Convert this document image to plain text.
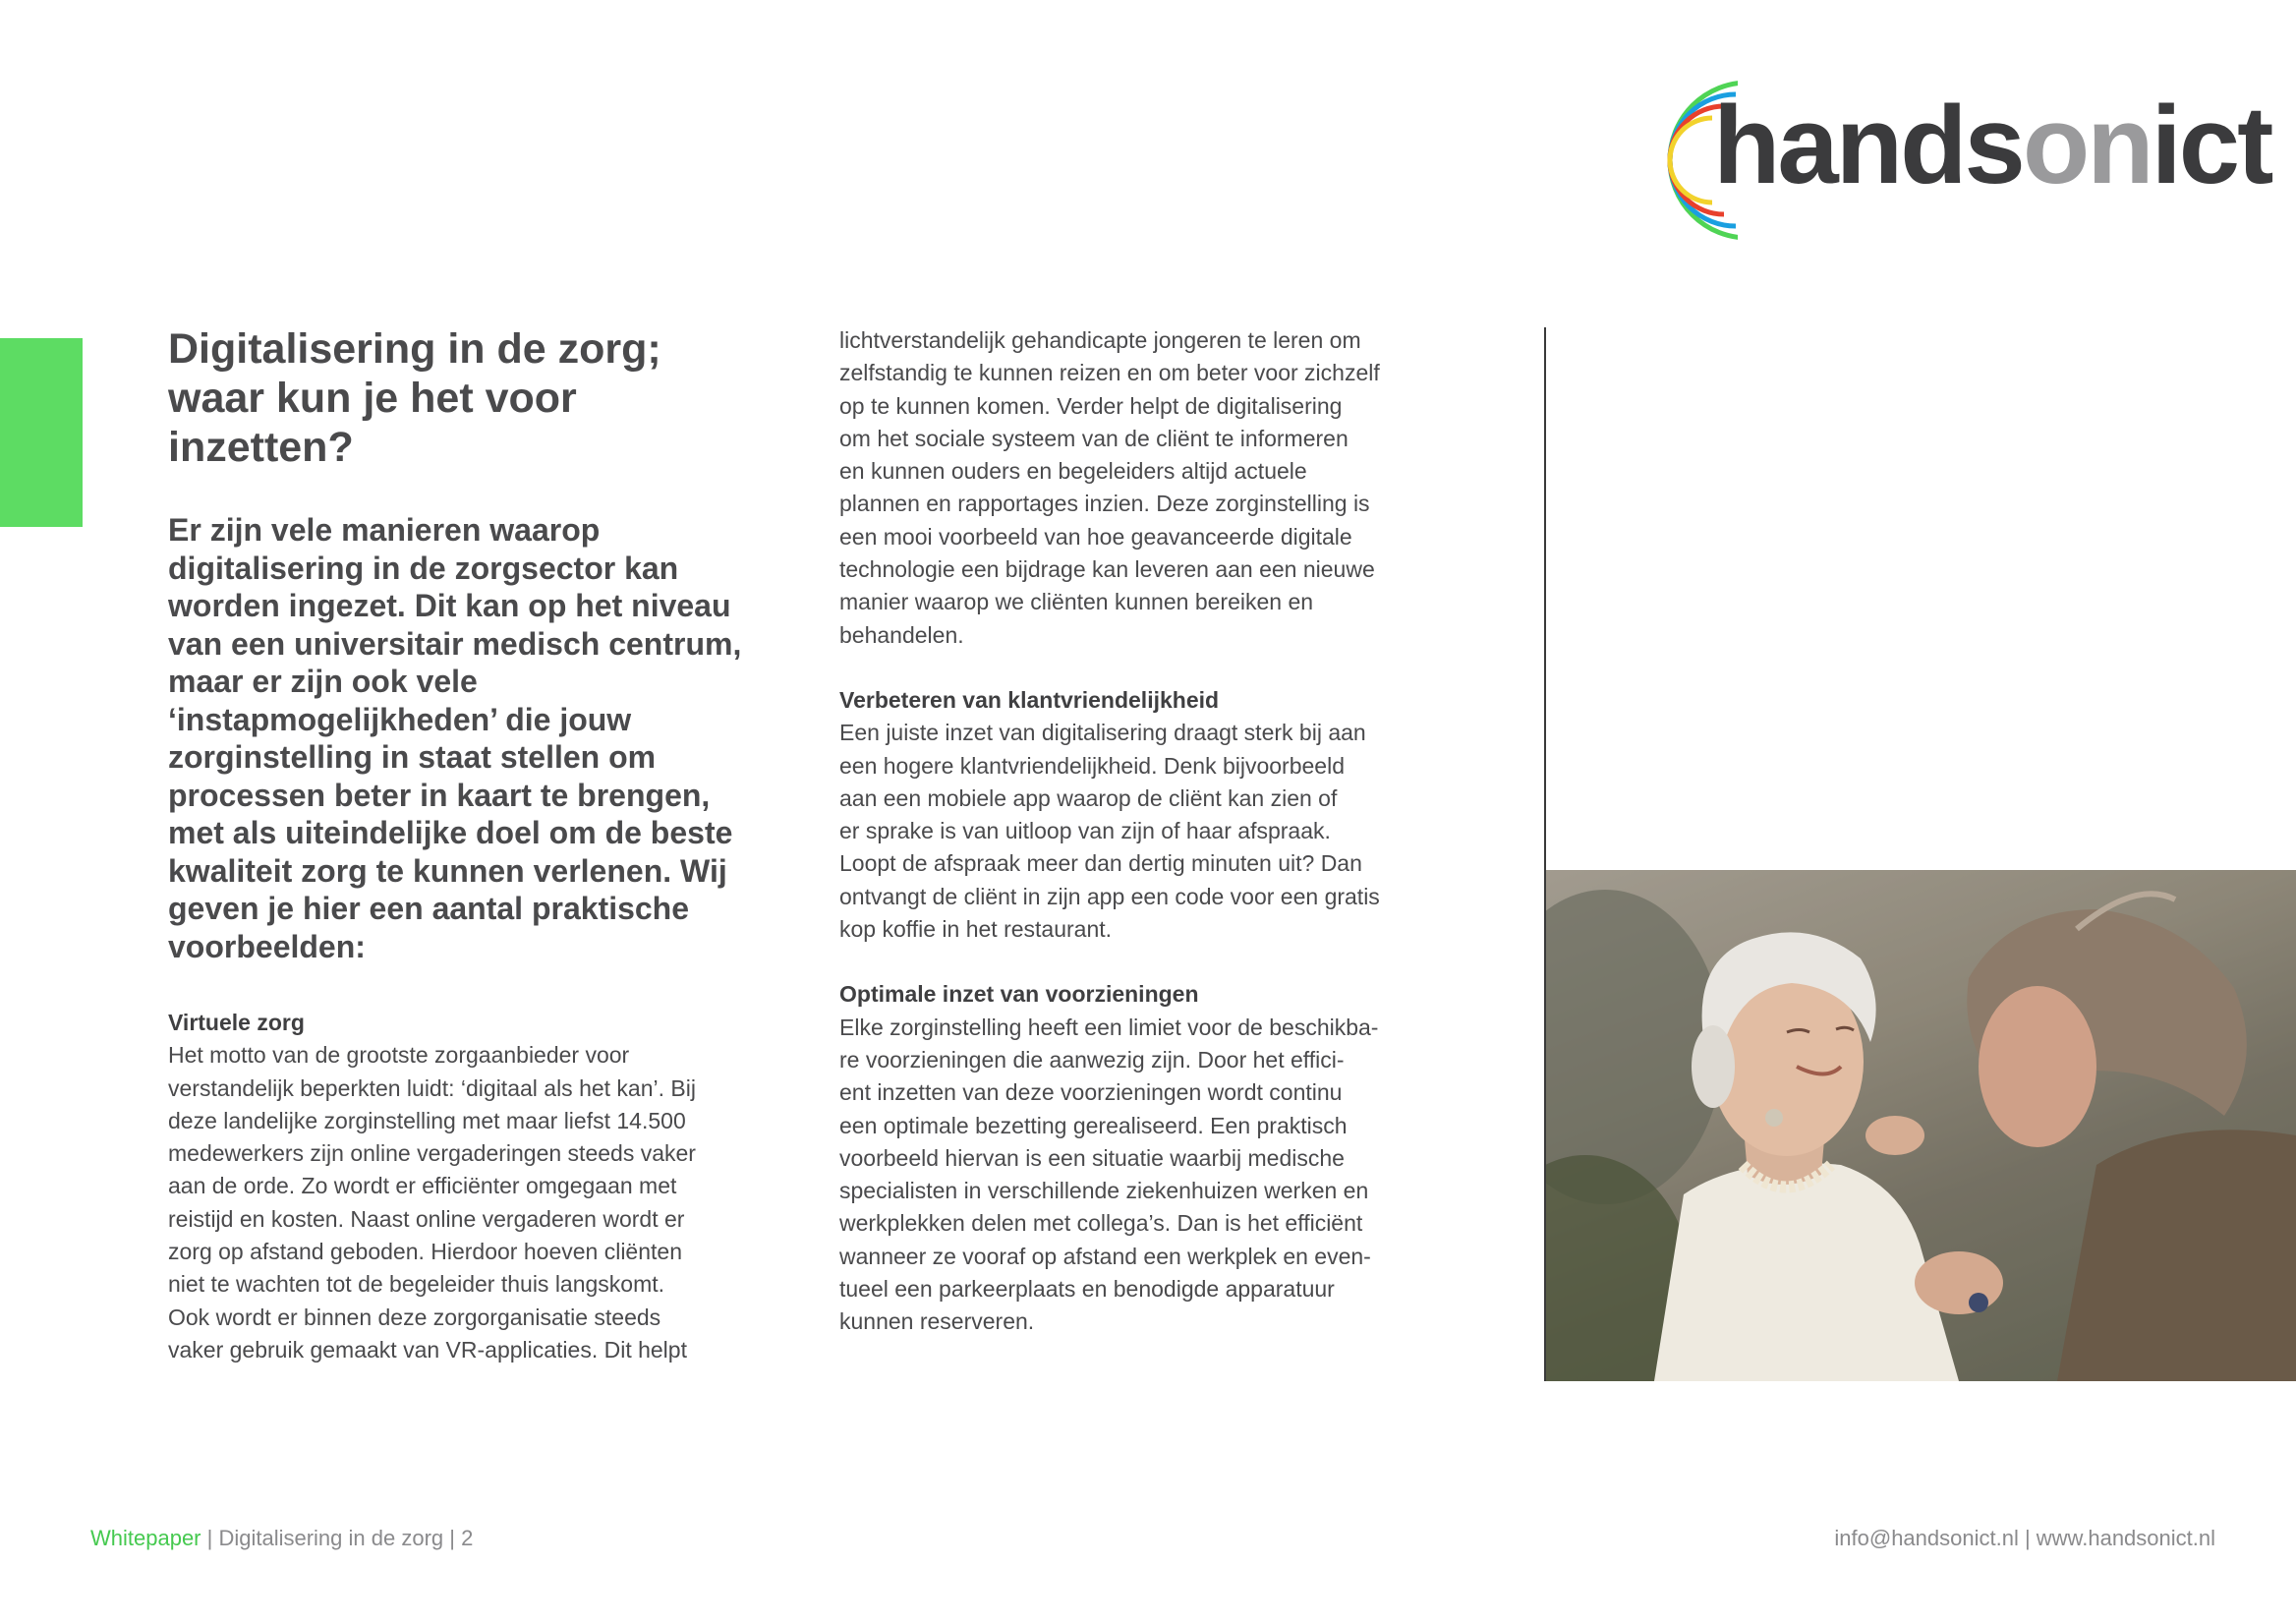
handsonict
Digitalisering in de zorg; waar kun je het voor inzetten?

Er zijn vele manieren waarop digitalisering in de zorgsector kan worden ingezet. Dit kan op het niveau van een universitair medisch centrum, maar er zijn ook vele ‘instapmogelijkheden’ die jouw zorginstelling in staat stellen om processen beter in kaart te brengen, met als uiteindelijke doel om de beste kwaliteit zorg te kunnen verlenen. Wij geven je hier een aantal praktische voorbeelden:

Virtuele zorg

Het motto van de grootste zorgaanbieder voor
verstandelijk beperkten luidt: ‘digitaal als het kan’. Bij
deze landelijke zorginstelling met maar liefst 14.500
medewerkers zijn online vergaderingen steeds vaker
aan de orde. Zo wordt er efficiënter omgegaan met
reistijd en kosten. Naast online vergaderen wordt er
zorg op afstand geboden. Hierdoor hoeven cliënten
niet te wachten tot de begeleider thuis langskomt.
Ook wordt er binnen deze zorgorganisatie steeds
vaker gebruik gemaakt van VR-applicaties. Dit helpt

lichtverstandelijk gehandicapte jongeren te leren om
zelfstandig te kunnen reizen en om beter voor zichzelf
op te kunnen komen. Verder helpt de digitalisering
om het sociale systeem van de cliënt te informeren
en kunnen ouders en begeleiders altijd actuele
plannen en rapportages inzien. Deze zorginstelling is
een mooi voorbeeld van hoe geavanceerde digitale
technologie een bijdrage kan leveren aan een nieuwe
manier waarop we cliënten kunnen bereiken en
behandelen.

Verbeteren van klantvriendelijkheid

Een juiste inzet van digitalisering draagt sterk bij aan
een hogere klantvriendelijkheid. Denk bijvoorbeeld
aan een mobiele app waarop de cliënt kan zien of
er sprake is van uitloop van zijn of haar afspraak.
Loopt de afspraak meer dan dertig minuten uit? Dan
ontvangt de cliënt in zijn app een code voor een gratis
kop koffie in het restaurant.

Optimale inzet van voorzieningen

Elke zorginstelling heeft een limiet voor de beschikba-
re voorzieningen die aanwezig zijn. Door het effici-
ent inzetten van deze voorzieningen wordt continu
een optimale bezetting gerealiseerd. Een praktisch
voorbeeld hiervan is een situatie waarbij medische
specialisten in verschillende ziekenhuizen werken en
werkplekken delen met collega’s. Dan is het efficiënt
wanneer ze vooraf op afstand een werkplek en even-
tueel een parkeerplaats en benodigde apparatuur
kunnen reserveren.

Whitepaper | Digitalisering in de zorg | 2	info@handsonict.nl | www.handsonict.nl
